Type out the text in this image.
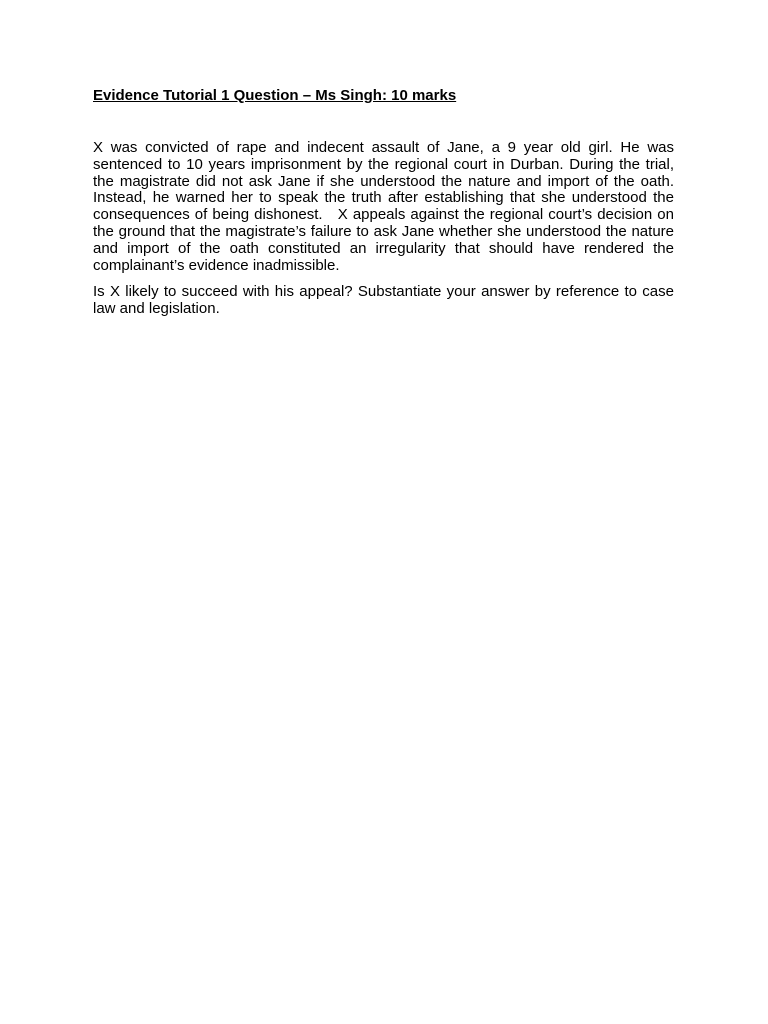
Evidence Tutorial 1 Question – Ms Singh: 10 marks

X was convicted of rape and indecent assault of Jane, a 9 year old girl. He was sentenced to 10 years imprisonment by the regional court in Durban. During the trial, the magistrate did not ask Jane if she understood the nature and import of the oath. Instead, he warned her to speak the truth after establishing that she understood the consequences of being dishonest.   X appeals against the regional court’s decision on the ground that the magistrate’s failure to ask Jane whether she understood the nature and import of the oath constituted an irregularity that should have rendered the complainant’s evidence inadmissible.

Is X likely to succeed with his appeal? Substantiate your answer by reference to case law and legislation.
